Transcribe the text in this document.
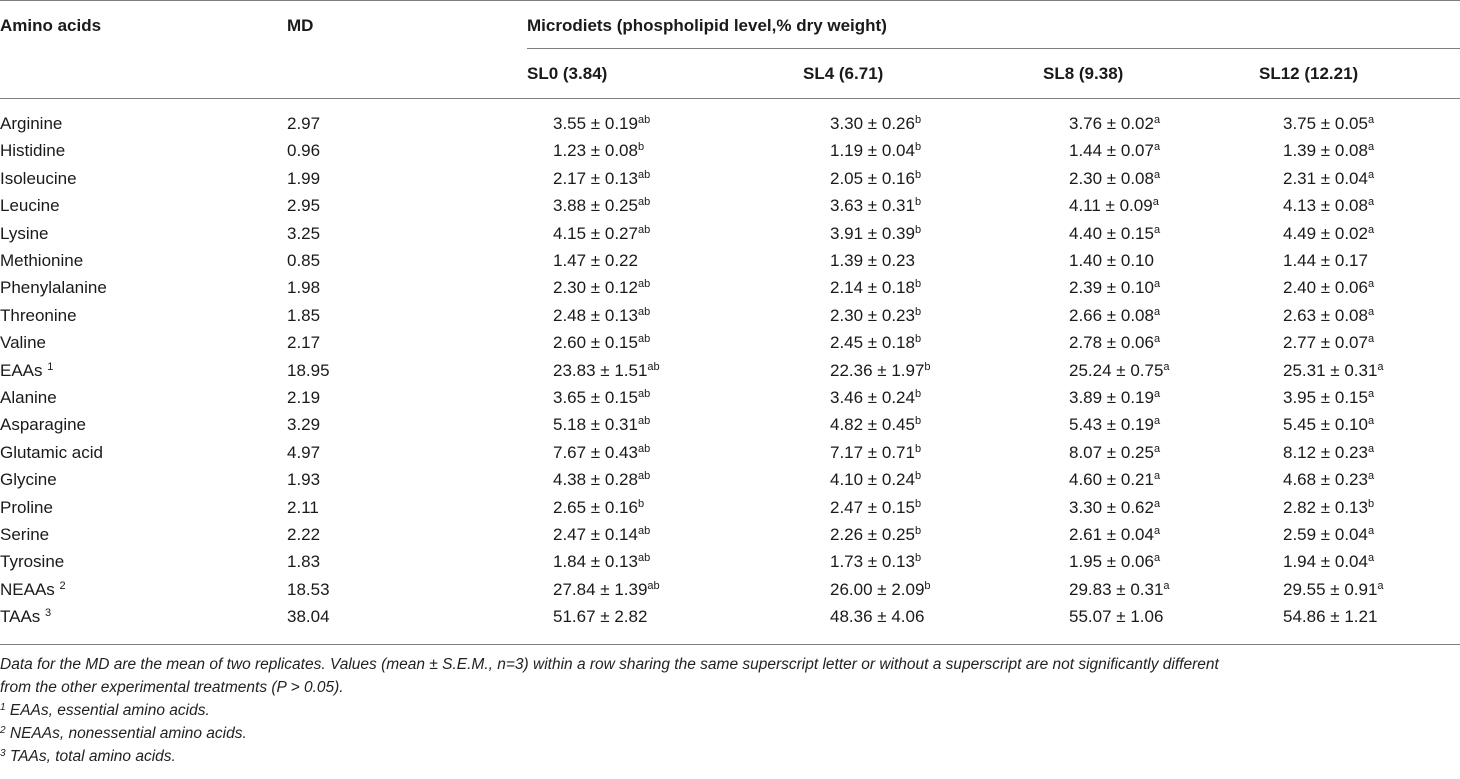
Amino acids	MD	Microdiets (phospholipid level,% dry weight)
SL0 (3.84)	SL4 (6.71)	SL8 (9.38)	SL12 (12.21)
Arginine	2.97	3.55 ± 0.19$^{ab}$	3.30 ± 0.26$^b$	3.76 ± 0.02$^a$	3.75 ± 0.05$^a$
Histidine	0.96	1.23 ± 0.08$^b$	1.19 ± 0.04$^b$	1.44 ± 0.07$^a$	1.39 ± 0.08$^a$
Isoleucine	1.99	2.17 ± 0.13$^{ab}$	2.05 ± 0.16$^b$	2.30 ± 0.08$^a$	2.31 ± 0.04$^a$
Leucine	2.95	3.88 ± 0.25$^{ab}$	3.63 ± 0.31$^b$	4.11 ± 0.09$^a$	4.13 ± 0.08$^a$
Lysine	3.25	4.15 ± 0.27$^{ab}$	3.91 ± 0.39$^b$	4.40 ± 0.15$^a$	4.49 ± 0.02$^a$
Methionine	0.85	1.47 ± 0.22	1.39 ± 0.23	1.40 ± 0.10	1.44 ± 0.17
Phenylalanine	1.98	2.30 ± 0.12$^{ab}$	2.14 ± 0.18$^b$	2.39 ± 0.10$^a$	2.40 ± 0.06$^a$
Threonine	1.85	2.48 ± 0.13$^{ab}$	2.30 ± 0.23$^b$	2.66 ± 0.08$^a$	2.63 ± 0.08$^a$
Valine	2.17	2.60 ± 0.15$^{ab}$	2.45 ± 0.18$^b$	2.78 ± 0.06$^a$	2.77 ± 0.07$^a$
EAAs $^1$	18.95	23.83 ± 1.51$^{ab}$	22.36 ± 1.97$^b$	25.24 ± 0.75$^a$	25.31 ± 0.31$^a$
Alanine	2.19	3.65 ± 0.15$^{ab}$	3.46 ± 0.24$^b$	3.89 ± 0.19$^a$	3.95 ± 0.15$^a$
Asparagine	3.29	5.18 ± 0.31$^{ab}$	4.82 ± 0.45$^b$	5.43 ± 0.19$^a$	5.45 ± 0.10$^a$
Glutamic acid	4.97	7.67 ± 0.43$^{ab}$	7.17 ± 0.71$^b$	8.07 ± 0.25$^a$	8.12 ± 0.23$^a$
Glycine	1.93	4.38 ± 0.28$^{ab}$	4.10 ± 0.24$^b$	4.60 ± 0.21$^a$	4.68 ± 0.23$^a$
Proline	2.11	2.65 ± 0.16$^b$	2.47 ± 0.15$^b$	3.30 ± 0.62$^a$	2.82 ± 0.13$^b$
Serine	2.22	2.47 ± 0.14$^{ab}$	2.26 ± 0.25$^b$	2.61 ± 0.04$^a$	2.59 ± 0.04$^a$
Tyrosine	1.83	1.84 ± 0.13$^{ab}$	1.73 ± 0.13$^b$	1.95 ± 0.06$^a$	1.94 ± 0.04$^a$
NEAAs $^2$	18.53	27.84 ± 1.39$^{ab}$	26.00 ± 2.09$^b$	29.83 ± 0.31$^a$	29.55 ± 0.91$^a$
TAAs $^3$	38.04	51.67 ± 2.82	48.36 ± 4.06	55.07 ± 1.06	54.86 ± 1.21
Data for the MD are the mean of two replicates. Values (mean ± S.E.M., n=3) within a row sharing the same superscript letter or without a superscript are not significantly different
from the other experimental treatments (P > 0.05).
$^1$ EAAs, essential amino acids.
$^2$ NEAAs, nonessential amino acids.
$^3$ TAAs, total amino acids.
